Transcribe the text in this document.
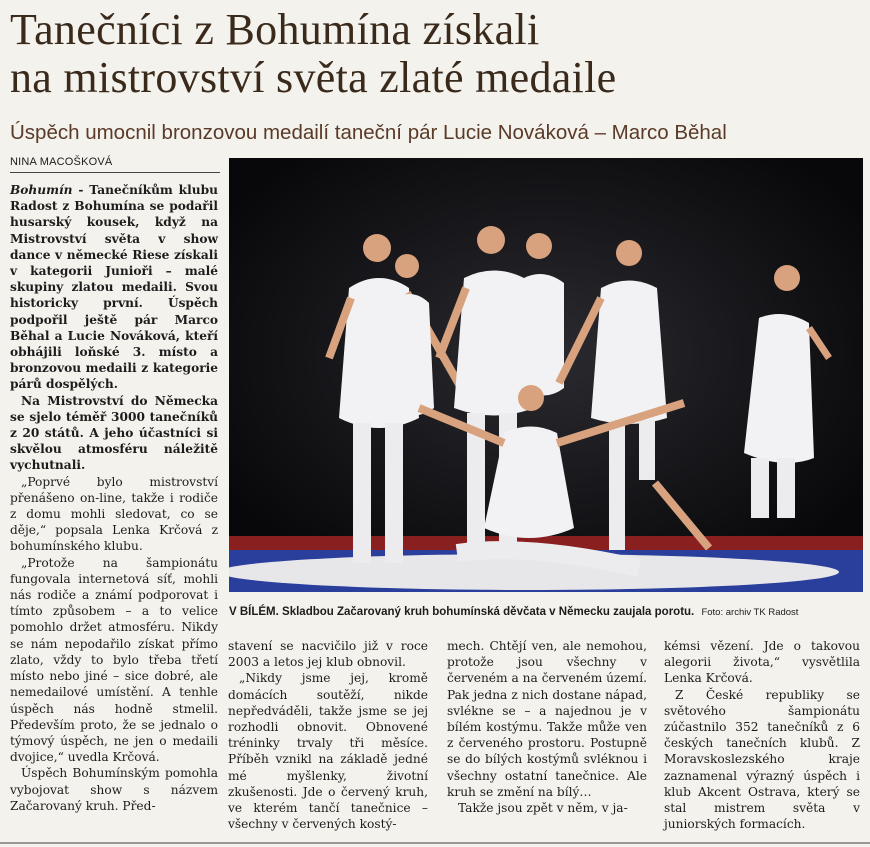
Tanečníci z Bohumína získali
na mistrovství světa zlaté medaile
Úspěch umocnil bronzovou medailí taneční pár Lucie Nováková – Marco Běhal
NINA MACOŠKOVÁ

Bohumín - Tanečníkům klubu Radost z Bohumína se podařil husarský kousek, když na Mistrovství světa v show dance v německé Riese získali v kategorii Junioři – malé skupiny zlatou medaili. Svou historicky první. Úspěch podpořil ještě pár Marco Běhal a Lucie Nováková, kteří obhájili loňské 3. místo a bronzovou medaili z kategorie párů dospělých.

Na Mistrovství do Německa se sjelo téměř 3000 tanečníků z 20 států. A jeho účastníci si skvělou atmosféru náležitě vychutnali.

„Poprvé bylo mistrovství přenášeno on-line, takže i rodiče z domu mohli sledovat, co se děje,“ popsala Lenka Krčová z bohumínského klubu.

„Protože na šampionátu fungovala internetová síť, mohli nás rodiče a známí podporovat i tímto způsobem – a to velice pomohlo držet atmosféru. Nikdy se nám nepodařilo získat přímo zlato, vždy to bylo třeba třetí místo nebo jiné – sice dobré, ale nemedailové umístění. A tenhle úspěch nás hodně stmelil. Především proto, že se jednalo o týmový úspěch, ne jen o medaili dvojice,“ uvedla Krčová.

Úspěch Bohumínským pomohla vybojovat show s názvem Začarovaný kruh. Před-

V BÍLÉM. Skladbou Začarovaný kruh bohumínská děvčata v Německu zaujala porotu. Foto: archiv TK Radost

stavení se nacvičilo již v roce 2003 a letos jej klub obnovil.

„Nikdy jsme jej, kromě domácích soutěží, nikde nepředváděli, takže jsme se jej rozhodli obnovit. Obnovené tréninky trvaly tři měsíce. Příběh vznikl na základě jedné mé myšlenky, životní zkušenosti. Jde o červený kruh, ve kterém tančí tanečnice – všechny v červených kostý-

mech. Chtějí ven, ale nemohou, protože jsou všechny v červeném a na červeném území. Pak jedna z nich dostane nápad, svlékne se – a najednou je v bílém kostýmu. Takže může ven z červeného prostoru. Postupně se do bílých kostýmů svléknou i všechny ostatní tanečnice. Ale kruh se změní na bílý…

Takže jsou zpět v něm, v ja-

kémsi vězení. Jde o takovou alegorii života,“ vysvětlila Lenka Krčová.

Z České republiky se světového šampionátu zúčastnilo 352 tanečníků z 6 českých tanečních klubů. Z Moravskoslezského kraje zaznamenal výrazný úspěch i klub Akcent Ostrava, který se stal mistrem světa v juniorských formacích.
